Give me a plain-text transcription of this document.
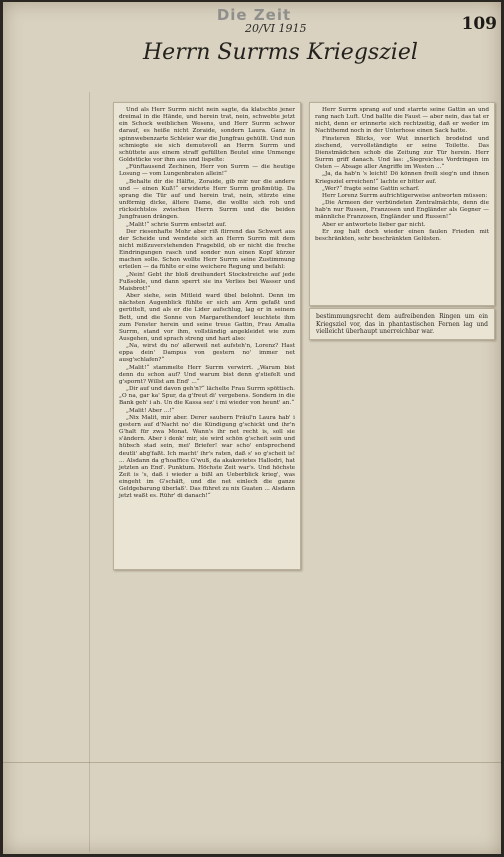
Die Zeit	109
20/VI 1915
Herrn Surrms Kriegsziel

Und als Herr Surrm nicht nein sagte, da klatschte jener dreimal in die Hände, und herein trat, nein, schwebte jetzt ein Schock weiblichen Wesens, und Herr Surrm schwor darauf, es heiße nicht Zoraide, sondern Laura. Ganz in spinnwebenzarte Schleier war die Jungfrau gehüllt. Und nun schmiegte sie sich demutsvoll an Herrn Surrm und schüttete aus einem straff gefüllten Beutel eine Unmenge Goldstücke vor ihm aus und lispelte:

„Fünftausend Zechinen, Herr von Surrm — die heutige Losung — vom Lungenbraten allein!“

„Behalte dir die Hälfte, Zoraide, gib mir nur die andere und — einen Kuß!“ erwiderte Herr Surrm großmütig. Da sprang die Tür auf und herein trat, nein, stürzte eine unförmig dicke, ältere Dame, die wollte sich roh und rücksichtslos zwischen Herrn Surrm und die beiden Jungfrauen drängen.

„Malit!“ schrie Surrm entsetzt auf.

Der riesenhafte Mohr aber riß flirrend das Schwert aus der Scheide und wendete sich an Herrn Surrm mit dem nicht mißzuverstehenden Fragebild, ob er nicht die freche Eindringungen rasch und sonder nun einen Kopf kürzer machen solle. Schon wollte Herr Surrm seine Zustimmung erteilen — da fühlte er eine weichere Regung und befahl:

„Nein! Gebt ihr bloß dreihundert Stockstreiche auf jede Fußsohle, und dann sperrt sie ins Verlies bei Wasser und Maisbrot!“

Aber siehe, sein Mitleid ward übel belohnt. Denn im nächsten Augenblick fühlte er sich am Arm gefaßt und gerüttelt, und als er die Lider aufschlug, lag er in seinem Bett, und die Sonne von Margarethendorf leuchtete ihm zum Fenster herein und seine treue Gattin, Frau Amalia Surrm, stand vor ihm, vollständig angekleidet wie zum Ausgehen, und sprach streng und hart also:

„Na, wirst du no' allerweil net aufsteh'n, Lorenz? Hast eppa dein' Dampus von gestern no' immer net ausg'schlafen?“

„Malit!“ stammelte Herr Surrm verwirrt. „Warum bist denn du schon auf? Und warum bist denn g'stiefelt und g'spornt? Willst am End' ...“

„Dir auf und davon geh'n?“ lächelte Frau Surrm spöttisch. „O na, gar ka' Spur, da g'freut di' vergebens. Sondern in die Bank geh' i ah. Un die Kassa sez' i mi wieder von heunt' an.“

„Malit! Aber ...!“

„Nix Malit, mir aber. Derer saubern Fräul'n Laura hab' i gestern auf d'Nacht no' die Kündigung g'schickt und ihr'n G'halt für zwa Monat. Wann's ihr net recht is, soll sie s'ändern. Aber i denk' mir, sie wird schön g'scheit sein und hübsch stad sein, mei' Briefer! war scho' entsprechend deutli' abg'faßt. Ich macht' ihr's raten, daß s' so g'scheit is! ... Alsdann da g'hoaffice G'wuß, da akakovietes Hallodri, hat jetzten an End'. Punktum. Höchste Zeit war's. Und höchste Zeit is 's, daß i wieder a bißl an Ueberblick krieg', was eingeht im G'schäft, und die net einlech die ganze Geldgebarung überlaß'. Das führet zu nix Guaten ... Alsdann jetzt waßt es. Rühr' di danach!“

Herr Surrm sprang auf und starrte seine Gattin an und rang nach Luft. Und ballte die Faust — aber nein, das tat er nicht, denn er erinnerte sich rechtzeitig, daß er weder im Nachthemd noch in der Unterhose einen Sack hatte.

Finsteren Blicks, vor Wut innerlich brodelnd und zischend, vervollständigte er seine Toilette. Das Dienstmädchen schob die Zeitung zur Tür herein. Herr Surrm griff danach. Und las: „Siegreiches Vordringen im Osten — Absage aller Angriffe im Westen ...“

„Ja, da hab'n 's leicht! Dö können freili sieg'n und ihnen Kriegsziel erreichen!“ lachte er bitter auf.

„Wer?“ fragte seine Gattin scharf.

Herr Lorenz Surrm aufrichtigerweise antworten müssen:

„Die Armeen der verbündeten Zentralmächte, denn die hab'n nur Russen, Franzosen und Engländer als Gegner — männliche Franzosen, Engländer und Russen!“

Aber er antwortete lieber gar nicht.

Er zog halt doch wieder einen faulen Frieden mit beschränkten, sehr beschränkten Gelüsten.

bestimmungsrecht dem aufreibenden Ringen um ein Kriegsziel vor, das in phantastischen Fernen lag und vielleicht überhaupt unerreichbar war.
